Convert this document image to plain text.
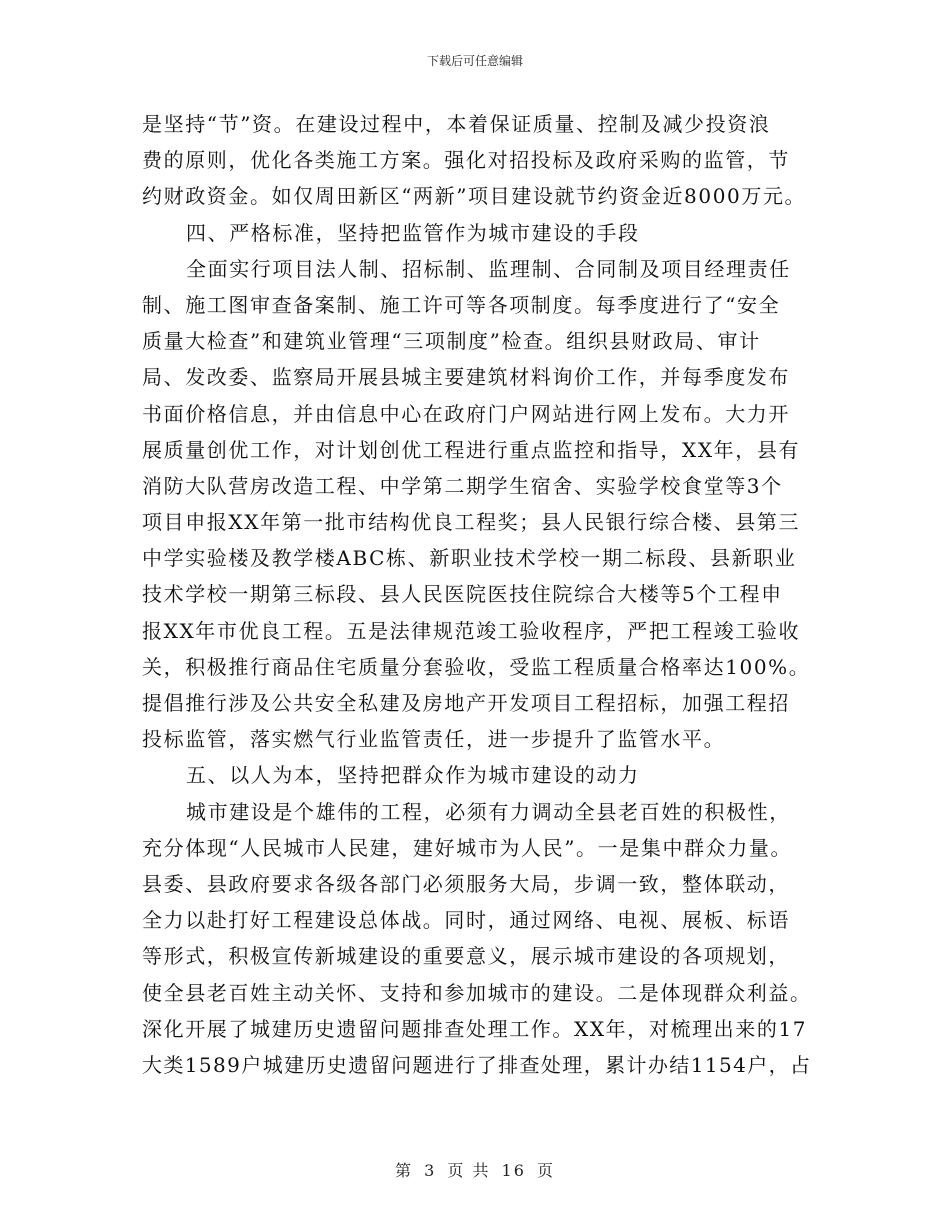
下载后可任意编辑
是坚持“节”资。在建设过程中，本着保证质量、控制及减少投资浪
费的原则，优化各类施工方案。强化对招投标及政府采购的监管，节
约财政资金。如仅周田新区“两新”项目建设就节约资金近8000万元。
四、严格标准，坚持把监管作为城市建设的手段
全面实行项目法人制、招标制、监理制、合同制及项目经理责任
制、施工图审查备案制、施工许可等各项制度。每季度进行了“安全
质量大检查”和建筑业管理“三项制度”检查。组织县财政局、审计
局、发改委、监察局开展县城主要建筑材料询价工作，并每季度发布
书面价格信息，并由信息中心在政府门户网站进行网上发布。大力开
展质量创优工作，对计划创优工程进行重点监控和指导，XX年，县有
消防大队营房改造工程、中学第二期学生宿舍、实验学校食堂等3个
项目申报XX年第一批市结构优良工程奖；县人民银行综合楼、县第三
中学实验楼及教学楼ABC栋、新职业技术学校一期二标段、县新职业
技术学校一期第三标段、县人民医院医技住院综合大楼等5个工程申
报XX年市优良工程。五是法律规范竣工验收程序，严把工程竣工验收
关，积极推行商品住宅质量分套验收，受监工程质量合格率达100%。
提倡推行涉及公共安全私建及房地产开发项目工程招标，加强工程招
投标监管，落实燃气行业监管责任，进一步提升了监管水平。
五、以人为本，坚持把群众作为城市建设的动力
城市建设是个雄伟的工程，必须有力调动全县老百姓的积极性，
充分体现“人民城市人民建，建好城市为人民”。一是集中群众力量。
县委、县政府要求各级各部门必须服务大局，步调一致，整体联动，
全力以赴打好工程建设总体战。同时，通过网络、电视、展板、标语
等形式，积极宣传新城建设的重要意义，展示城市建设的各项规划，
使全县老百姓主动关怀、支持和参加城市的建设。二是体现群众利益。
深化开展了城建历史遗留问题排查处理工作。XX年，对梳理出来的17
大类1589户城建历史遗留问题进行了排查处理，累计办结1154户，占
第 3 页 共 16 页
